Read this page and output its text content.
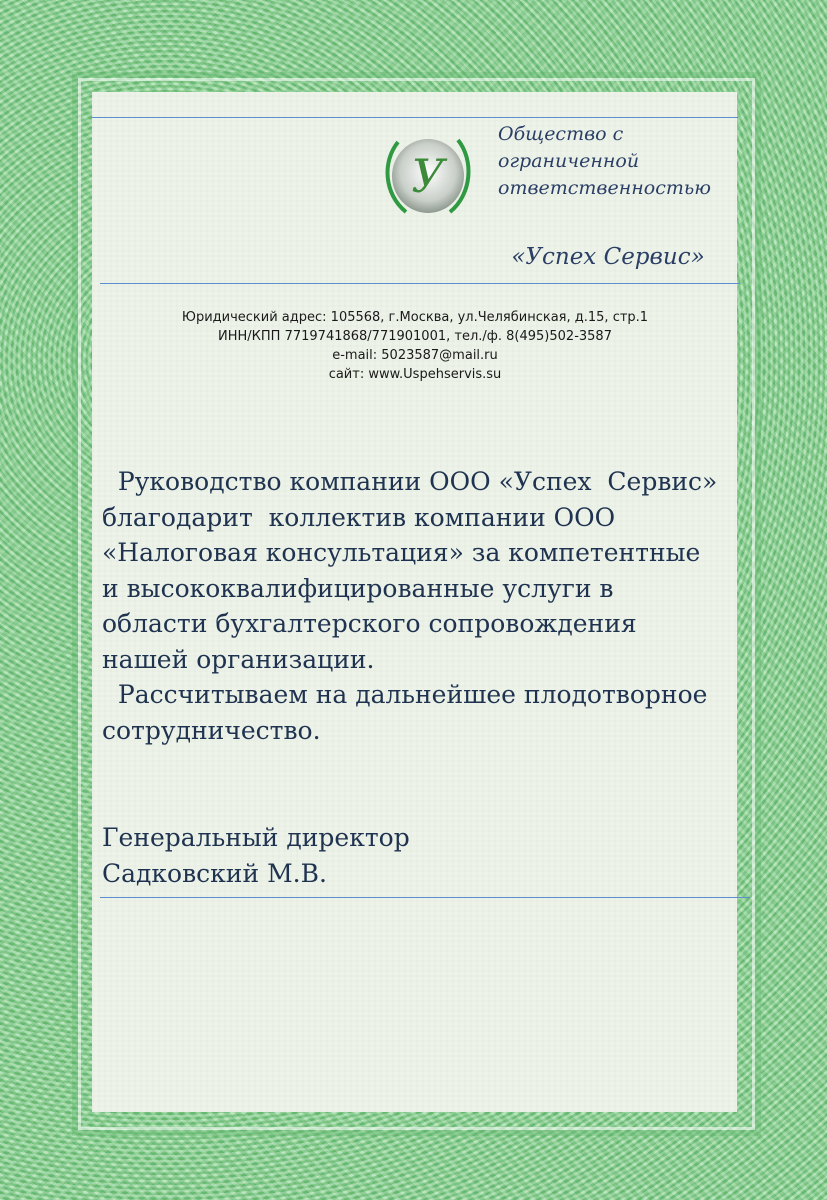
У
Общество с
ограниченной
ответственностью
«Успех Сервис»
Юридический адрес: 105568, г.Москва, ул.Челябинская, д.15, стр.1
ИНН/КПП 7719741868/771901001, тел./ф. 8(495)502-3587
e-mail: 5023587@mail.ru
сайт: www.Uspehservis.su
Руководство компании ООО «Успех  Сервис»
благодарит  коллектив компании ООО
«Налоговая консультация» за компетентные
и высококвалифицированные услуги в
области бухгалтерского сопровождения
нашей организации.
Рассчитываем на дальнейшее плодотворное
сотрудничество.
Генеральный директор
Садковский М.В.
